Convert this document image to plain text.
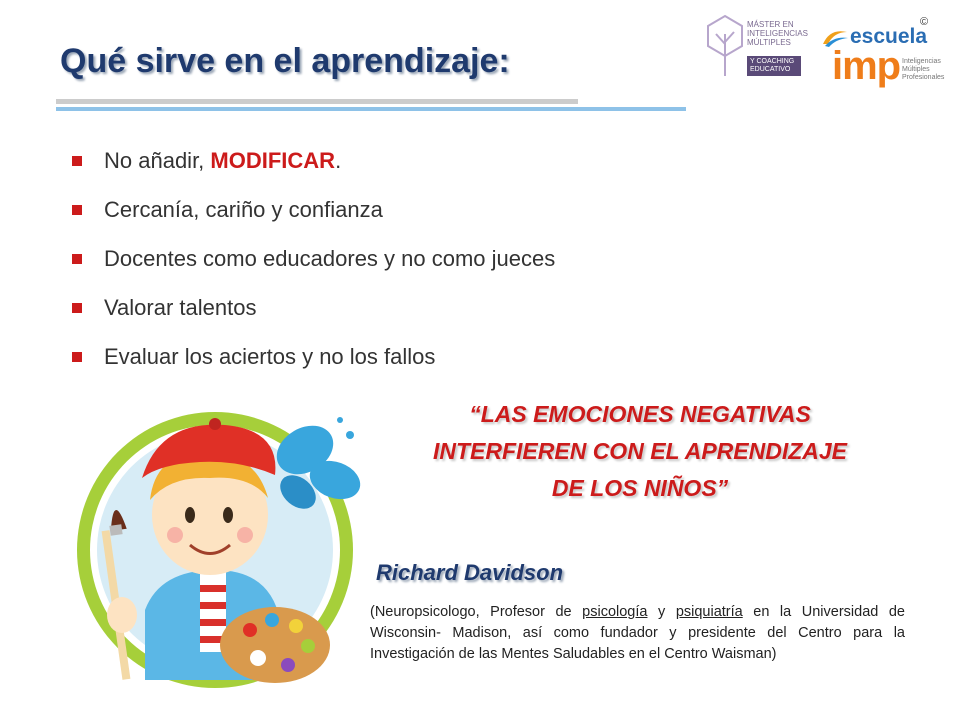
Qué sirve en el aprendizaje:
MÁSTER EN INTELIGENCIAS MÚLTIPLES
Y COACHING EDUCATIVO
escuela
imp Inteligencias Múltiples Profesionales
©
No añadir, MODIFICAR.
Cercanía, cariño y confianza
Docentes como educadores y no como jueces
Valorar talentos
Evaluar los aciertos y no los fallos
“LAS EMOCIONES NEGATIVAS
INTERFIEREN CON EL APRENDIZAJE
DE LOS NIÑOS”
Richard Davidson
(Neuropsicologo, Profesor de psicología y psiquiatría en la Universidad de Wisconsin- Madison, así como fundador y presidente del Centro para la Investigación de las Mentes Saludables en el Centro Waisman)
